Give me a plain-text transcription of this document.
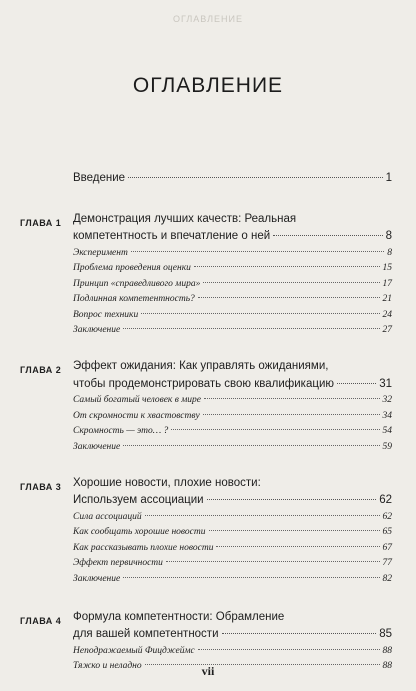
ОГЛАВЛЕНИЕ
ОГЛАВЛЕНИЕ
Введение	1
ГЛАВА 1 Демонстрация лучших качеств: Реальная
компетентность и впечатление о ней	8
Эксперимент	8
Проблема проведения оценки	15
Принцип «справедливого мира»	17
Подлинная компетентность?	21
Вопрос техники	24
Заключение	27
ГЛАВА 2 Эффект ожидания: Как управлять ожиданиями,
чтобы продемонстрировать свою квалификацию	31
Самый богатый человек в мире	32
От скромности к хвастовству	34
Скромность — это… ?	54
Заключение	59
ГЛАВА 3 Хорошие новости, плохие новости:
Используем ассоциации	62
Сила ассоциаций	62
Как сообщать хорошие новости	65
Как рассказывать плохие новости	67
Эффект первичности	77
Заключение	82
ГЛАВА 4 Формула компетентности: Обрамление
для вашей компетентности	85
Неподражаемый Фицджеймс	88
Тяжко и неладно	88
vii
